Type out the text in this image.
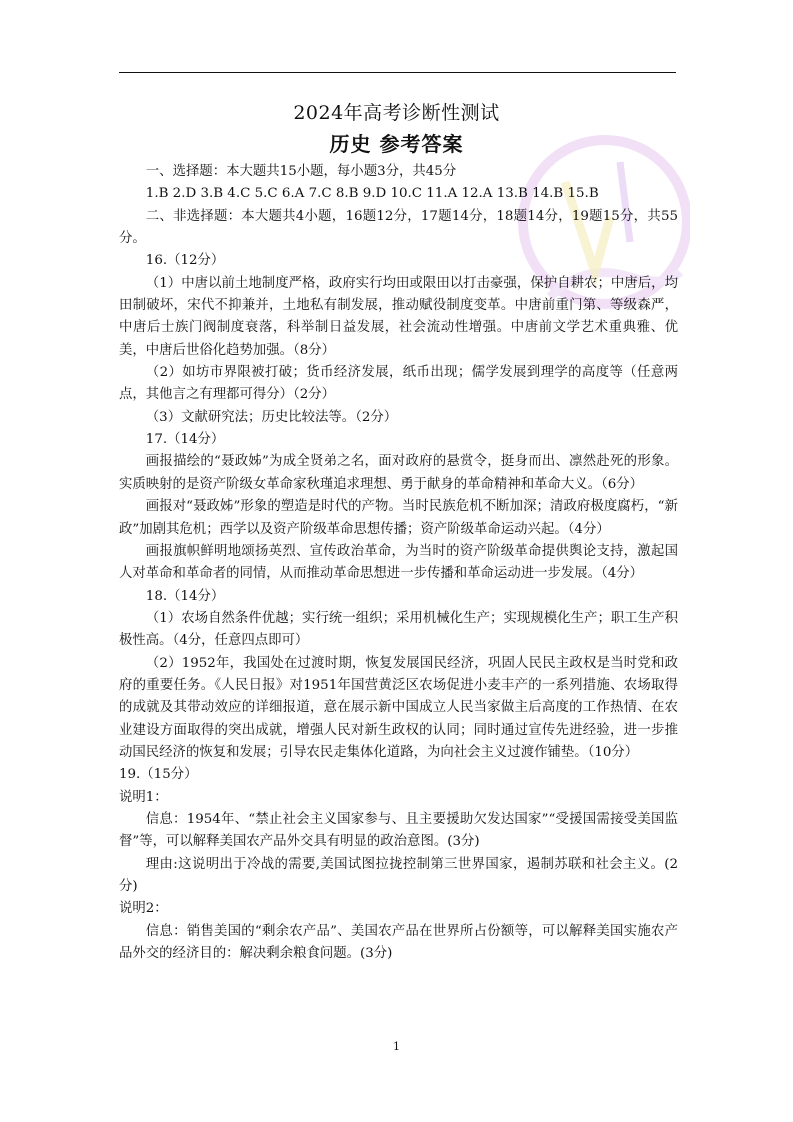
2024年高考诊断性测试
历史 参考答案

一、选择题：本大题共15小题，每小题3分，共45分

1.B 2.D 3.B 4.C 5.C 6.A 7.C 8.B 9.D 10.C 11.A 12.A 13.B 14.B 15.B

二、非选择题：本大题共4小题，16题12分，17题14分，18题14分，19题15分，共55分。

16.（12分）

（1）中唐以前土地制度严格，政府实行均田或限田以打击豪强，保护自耕农；中唐后，均田制破坏，宋代不抑兼并，土地私有制发展，推动赋役制度变革。中唐前重门第、等级森严，中唐后士族门阀制度衰落，科举制日益发展，社会流动性增强。中唐前文学艺术重典雅、优美，中唐后世俗化趋势加强。（8分）

（2）如坊市界限被打破；货币经济发展，纸币出现；儒学发展到理学的高度等（任意两点，其他言之有理都可得分）（2分）

（3）文献研究法；历史比较法等。（2分）

17.（14分）

画报描绘的“聂政姊”为成全贤弟之名，面对政府的悬赏令，挺身而出、凛然赴死的形象。实质映射的是资产阶级女革命家秋瑾追求理想、勇于献身的革命精神和革命大义。（6分）

画报对“聂政姊”形象的塑造是时代的产物。当时民族危机不断加深；清政府极度腐朽，“新政”加剧其危机；西学以及资产阶级革命思想传播；资产阶级革命运动兴起。（4分）

画报旗帜鲜明地颂扬英烈、宣传政治革命，为当时的资产阶级革命提供舆论支持，激起国人对革命和革命者的同情，从而推动革命思想进一步传播和革命运动进一步发展。（4分）

18.（14分）

（1）农场自然条件优越；实行统一组织；采用机械化生产；实现规模化生产；职工生产积极性高。（4分，任意四点即可）

（2）1952年，我国处在过渡时期，恢复发展国民经济，巩固人民民主政权是当时党和政府的重要任务。《人民日报》对1951年国营黄泛区农场促进小麦丰产的一系列措施、农场取得的成就及其带动效应的详细报道，意在展示新中国成立人民当家做主后高度的工作热情、在农业建设方面取得的突出成就，增强人民对新生政权的认同；同时通过宣传先进经验，进一步推动国民经济的恢复和发展；引导农民走集体化道路，为向社会主义过渡作铺垫。（10分）

19.（15分）

说明1：

信息：1954年、“禁止社会主义国家参与、且主要援助欠发达国家”“受援国需接受美国监督”等，可以解释美国农产品外交具有明显的政治意图。(3分)

理由:这说明出于冷战的需要,美国试图拉拢控制第三世界国家，遏制苏联和社会主义。(2分)

说明2：

信息：销售美国的“剩余农产品”、美国农产品在世界所占份额等，可以解释美国实施农产品外交的经济目的：解决剩余粮食问题。(3分)

1
